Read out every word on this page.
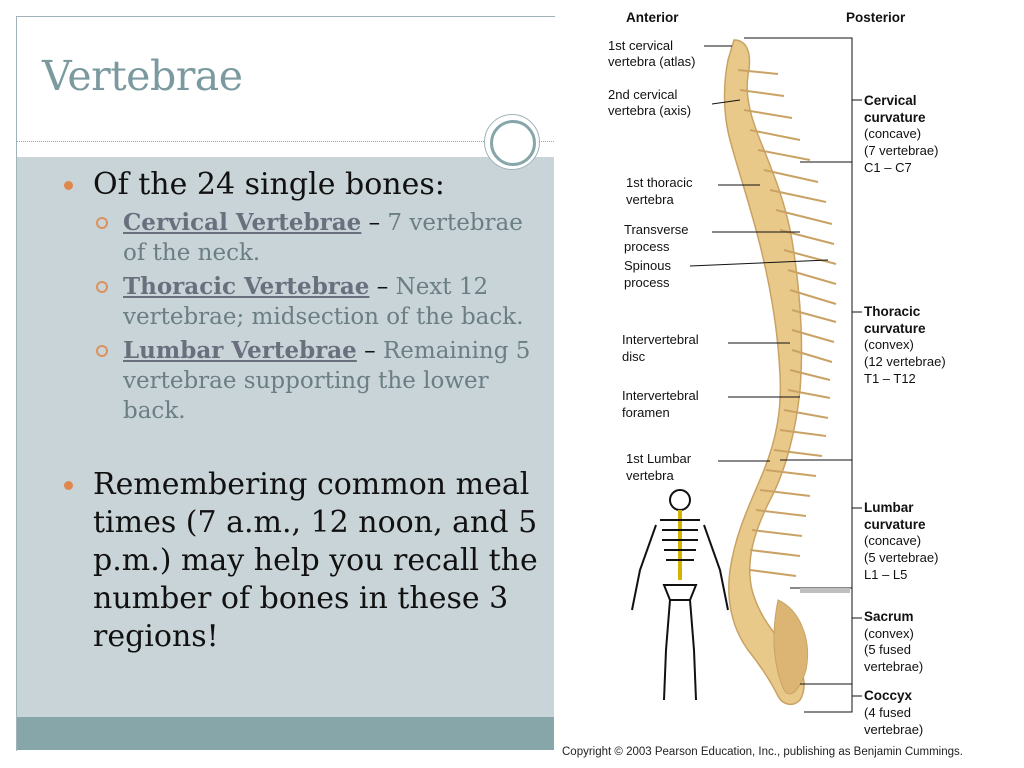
Vertebrae
Of the 24 single bones:
Cervical Vertebrae – 7 vertebrae of the neck.
Thoracic Vertebrae – Next 12 vertebrae; midsection of the back.
Lumbar Vertebrae – Remaining 5 vertebrae supporting the lower back.
Remembering common meal times (7 a.m., 12 noon, and 5 p.m.) may help you recall the number of bones in these 3 regions!
Anterior	Posterior
1st cervical
vertebra (atlas)
2nd cervical
vertebra (axis)
1st thoracic
vertebra
Transverse
process
Spinous
process
Intervertebral
disc
Intervertebral
foramen
1st Lumbar
vertebra
Cervical
curvature
(concave)
(7 vertebrae)
C1 – C7
Thoracic
curvature
(convex)
(12 vertebrae)
T1 – T12
Lumbar
curvature
(concave)
(5 vertebrae)
L1 – L5
Sacrum
(convex)
(5 fused
vertebrae)
Coccyx
(4 fused
vertebrae)
Copyright © 2003 Pearson Education, Inc., publishing as Benjamin Cummings.
